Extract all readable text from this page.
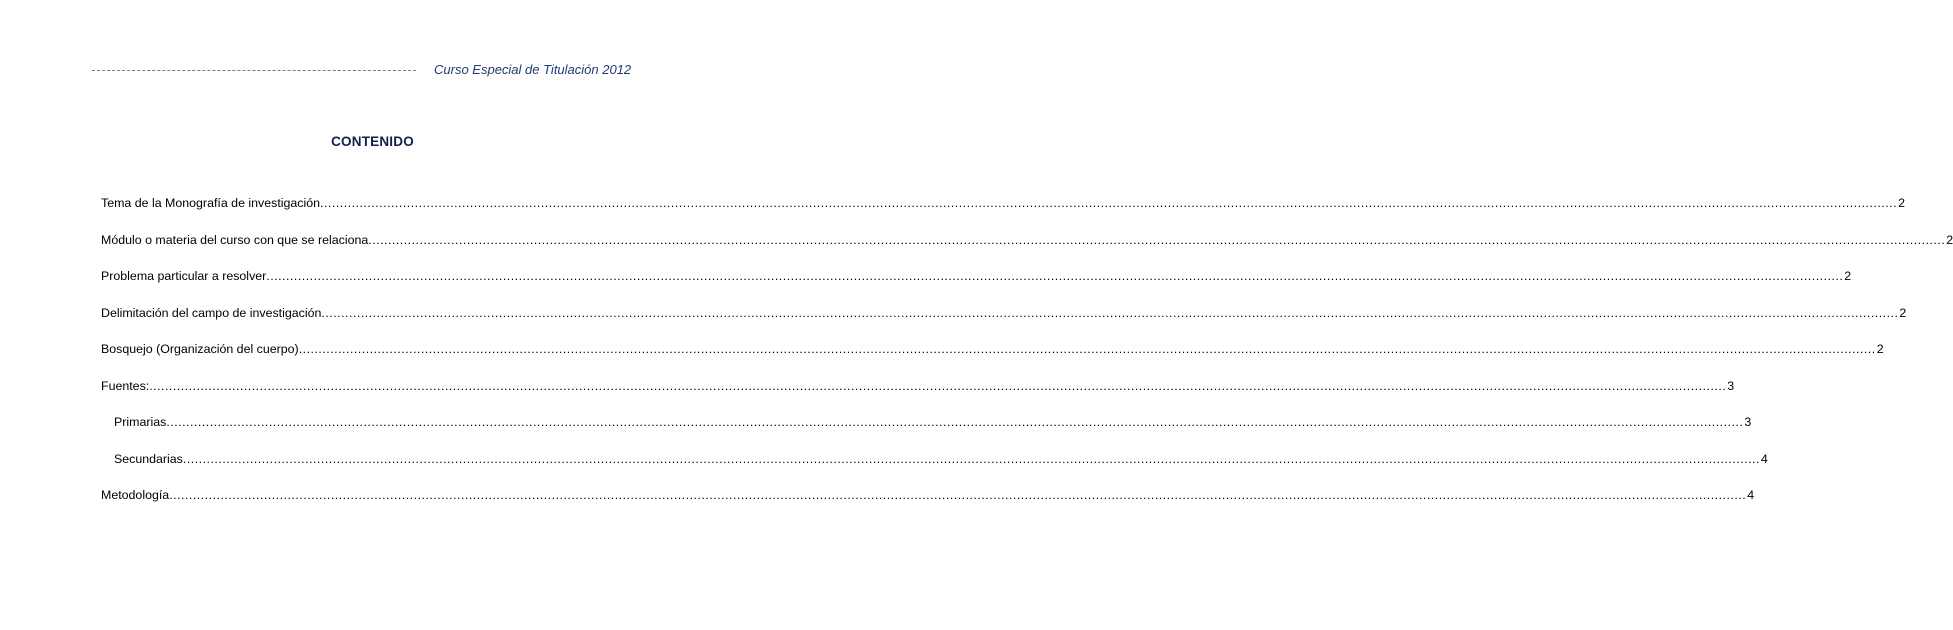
Curso Especial de Titulación 2012
CONTENIDO
Tema de la Monografía de investigación ................................................................................................................................................................................................................................................................................................................................................................................................................ 2
Módulo o materia del curso con que se relaciona ................................................................................................................................................................................................................................................................................................................................................................................................................ 2
Problema particular a resolver ................................................................................................................................................................................................................................................................................................................................................................................................................ 2
Delimitación del campo de investigación ................................................................................................................................................................................................................................................................................................................................................................................................................ 2
Bosquejo (Organización del cuerpo) ................................................................................................................................................................................................................................................................................................................................................................................................................ 2
Fuentes: ................................................................................................................................................................................................................................................................................................................................................................................................................ 3
Primarias ................................................................................................................................................................................................................................................................................................................................................................................................................ 3
Secundarias ................................................................................................................................................................................................................................................................................................................................................................................................................ 4
Metodología ................................................................................................................................................................................................................................................................................................................................................................................................................ 4
